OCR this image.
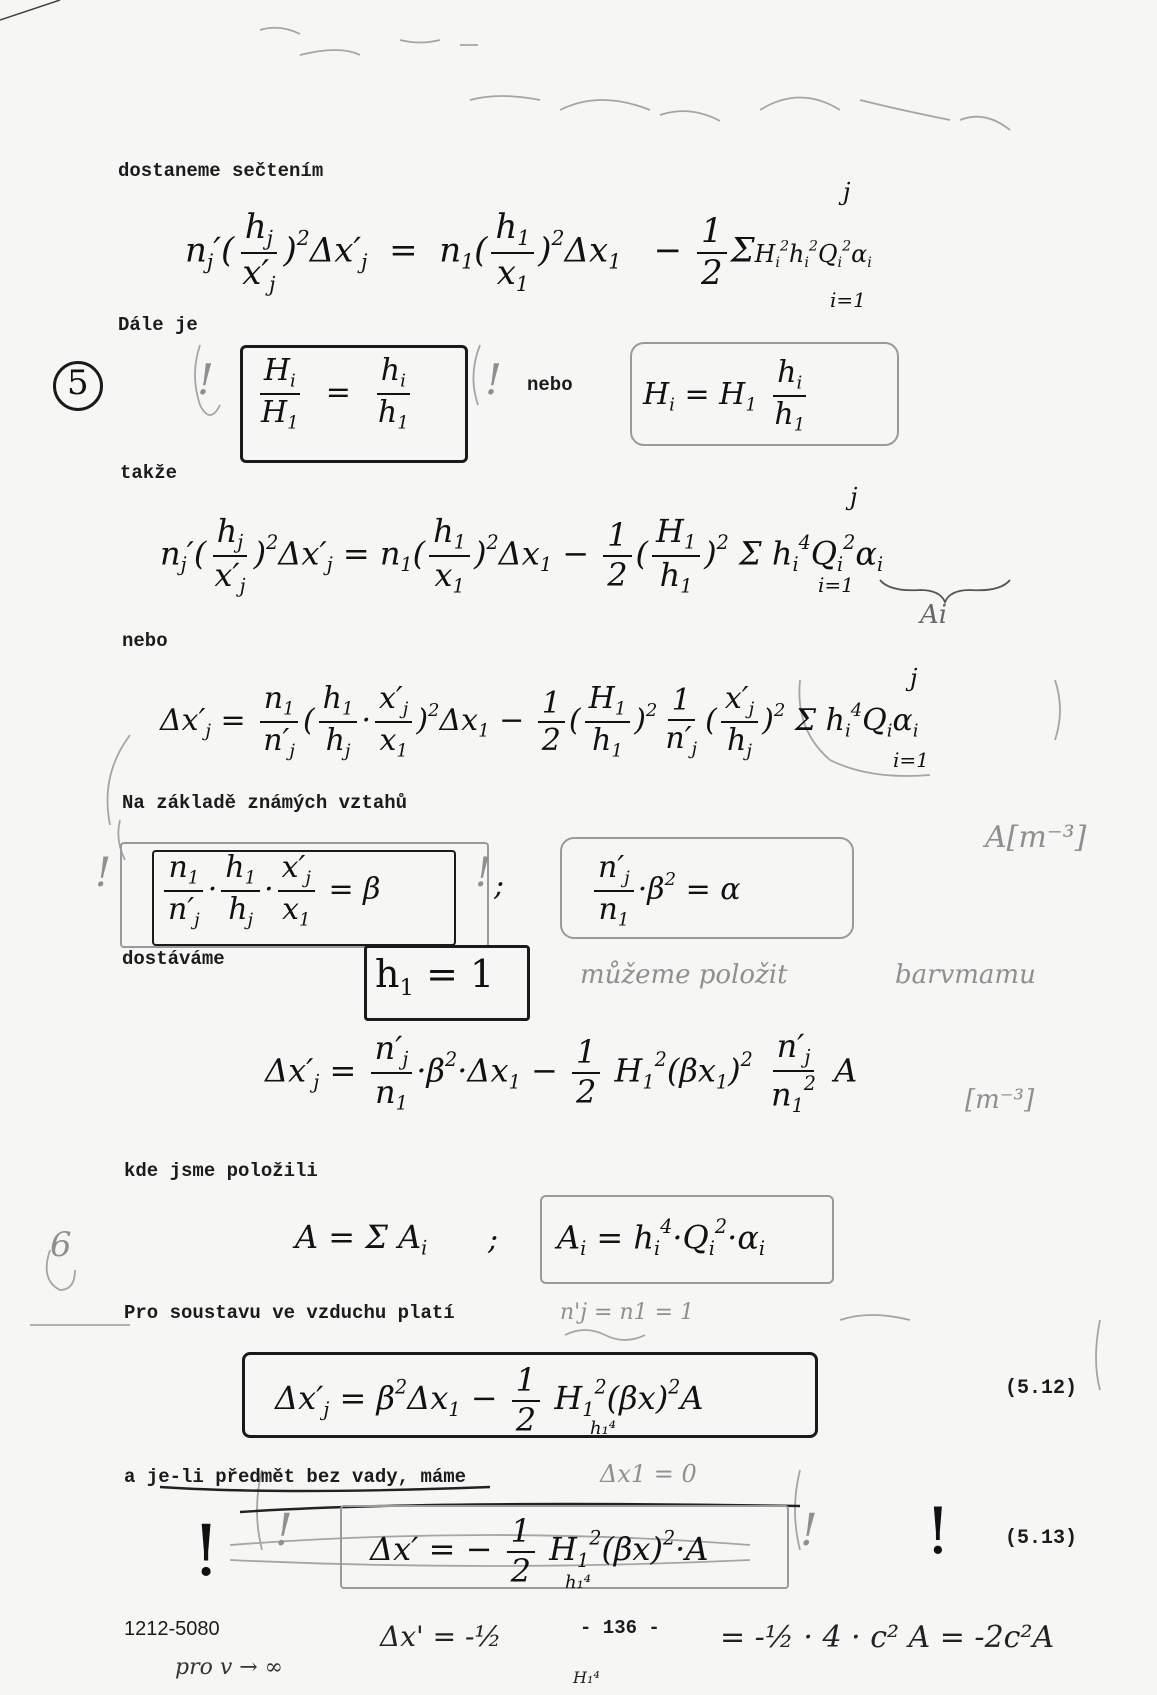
dostaneme sečtením
Dále je
nebo
takže
nebo
Na základě známých vztahů
dostáváme
kde jsme položili
Pro soustavu ve vzduchu platí
a je-li předmět bez vady, máme
1212-5080	- 136 -
(5.12)
(5.13)
5
6
$n_j'( \frac{h_j}{x'_j} )^2\Delta x'_j = n_1( \frac{h_1}{x_1} )^2\Delta x_1 - \frac{1}{2} \Sigma H_i^2h_i^2Q_i^2\alpha_i$
j
i=1
$\frac{H_i}{H_1} = \frac{h_i}{h_1}$	$H_i = H_1 \frac{h_i}{h_1}$
!	!
$n_j'( \frac{h_j}{x'_j} )^2\Delta x'_j = n_1( \frac{h_1}{x_1} )^2\Delta x_1 - \frac{1}{2}$ ( $\frac{H_1}{h_1} )^2$ Σ $h_i^4Q_i^2\alpha_i$
j
i=1
Ai
$\Delta x'_j = \frac{n_1}{n'_j}$ ( $\frac{h_1}{h_j} \cdot \frac{x'_j}{x_1} )^2\Delta x_1 - \frac{1}{2}$ ( $\frac{H_1}{h_1} )^2 \frac{1}{n'_j}$ ( $\frac{x'_j}{h_j} )^2$ Σ $h_i^4Q_i\alpha_i$
j
i=1
A[m⁻³]
$\frac{n_1}{n'_j} \cdot \frac{h_1}{h_j} \cdot \frac{x'_j}{x_1} = \beta$	;	$\frac{n'_j}{n_1} \cdot\beta^2 = \alpha$
!	!
$h_1 = 1$	můžeme položit	barvmamu
$\Delta x'_j = \frac{n'_j}{n_1} \cdot\beta^2\cdot\Delta x_1 - \frac{1}{2} H_1^2(\beta x_1)^2 \frac{n'_j}{n_1^2}$ A
[m⁻³]
A = Σ $A_i$ ; $A_i = h_i^4\cdot Q_i^2\cdot\alpha_i$
n'j = n1 = 1
$\Delta x'_j = \beta^2\Delta x_1 - \frac{1}{2} H_1^2(\beta x)^2A$
h₁⁴
Δx1 = 0
Δx′ = − $\frac{1}{2} H_1^2(\beta x)^2\cdot A$
h₁⁴
!	!
!
!
pro v → ∞
Δx' = -½
H₁⁴
= -½ · 4 · c² A = -2c²A
